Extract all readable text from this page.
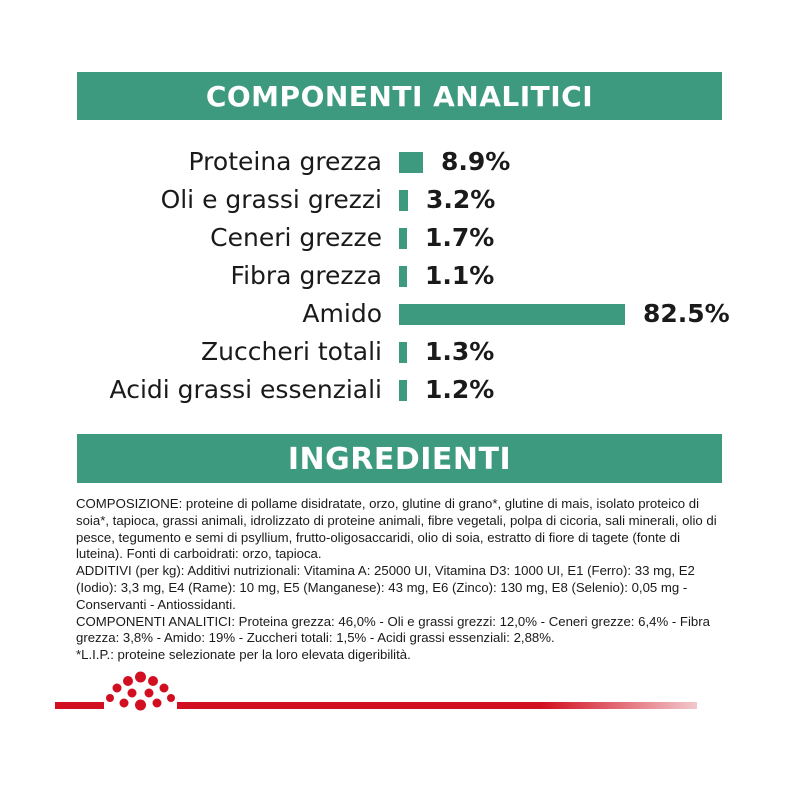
COMPONENTI ANALITICI
Proteina grezza 8.9%
Oli e grassi grezzi 3.2%
Ceneri grezze 1.7%
Fibra grezza 1.1%
Amido	82.5%
Zuccheri totali 1.3%
Acidi grassi essenziali 1.2%
INGREDIENTI

COMPOSIZIONE: proteine di pollame disidratate, orzo, glutine di grano*, glutine di mais, isolato proteico di soia*, tapioca, grassi animali, idrolizzato di proteine animali, fibre vegetali, polpa di cicoria, sali minerali, olio di pesce, tegumento e semi di psyllium, frutto-oligosaccaridi, olio di soia, estratto di fiore di tagete (fonte di luteina). Fonti di carboidrati: orzo, tapioca.

ADDITIVI (per kg): Additivi nutrizionali: Vitamina A: 25000 UI, Vitamina D3: 1000 UI, E1 (Ferro): 33 mg, E2 (Iodio): 3,3 mg, E4 (Rame): 10 mg, E5 (Manganese): 43 mg, E6 (Zinco): 130 mg, E8 (Selenio): 0,05 mg - Conservanti - Antiossidanti.

COMPONENTI ANALITICI: Proteina grezza: 46,0% - Oli e grassi grezzi: 12,0% - Ceneri grezze: 6,4% - Fibra grezza: 3,8% - Amido: 19% - Zuccheri totali: 1,5% - Acidi grassi essenziali: 2,88%.

*L.I.P.: proteine selezionate per la loro elevata digeribilità.
